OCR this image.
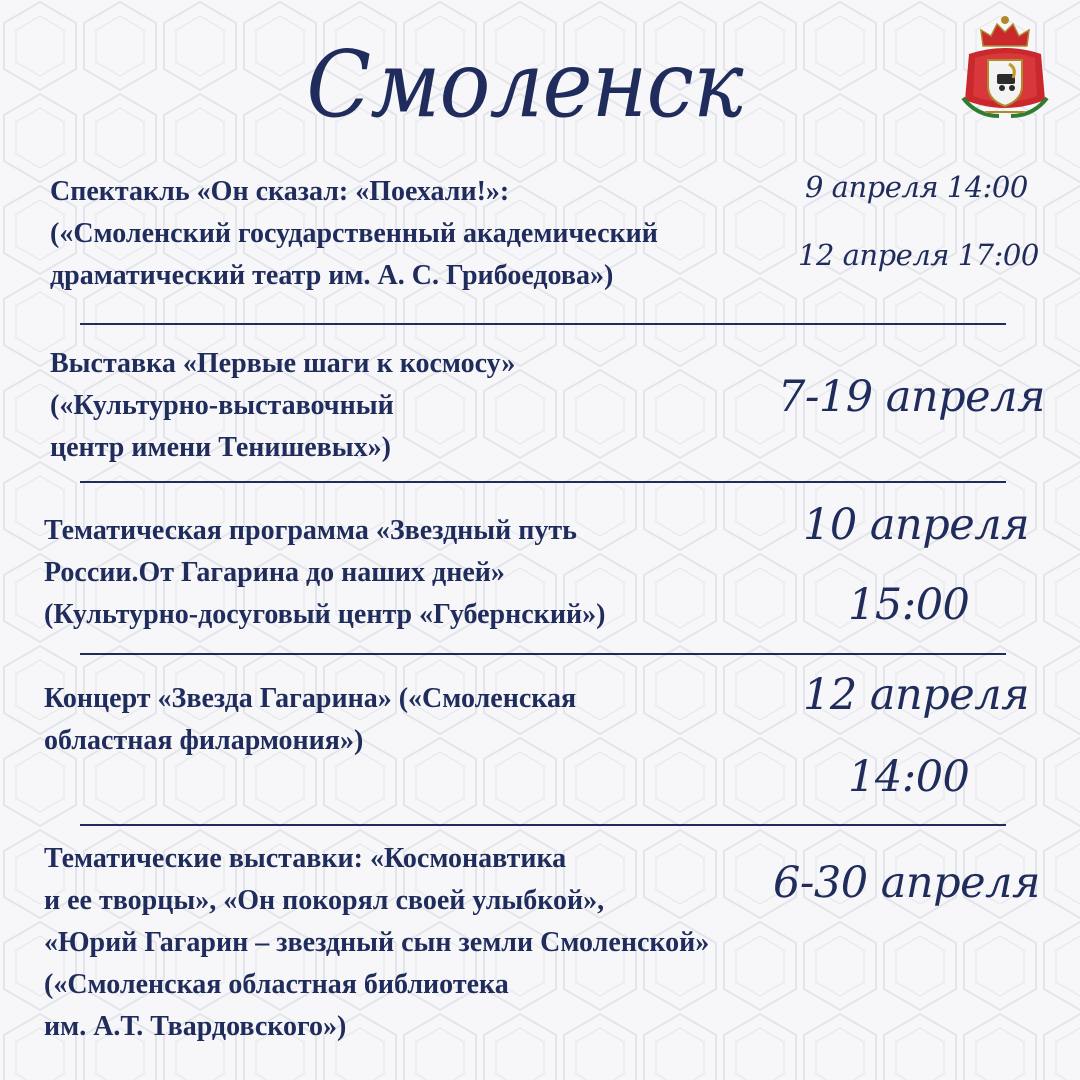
Смоленск
Спектакль «Он сказал: «Поехали!»:
(«Смоленский государственный академический
драматический театр им. А. С. Грибоедова»)
9 апреля 14:00
12 апреля 17:00
Выставка «Первые шаги к космосу»
(«Культурно-выставочный
центр имени Тенишевых»)
7-19 апреля
Тематическая программа «Звездный путь
России.От Гагарина до наших дней»
(Культурно-досуговый центр «Губернский»)
10 апреля
15:00
Концерт «Звезда Гагарина» («Смоленская
областная филармония»)
12 апреля
14:00
Тематические выставки: «Космонавтика
и ее творцы», «Он покорял своей улыбкой»,
«Юрий Гагарин – звездный сын земли Смоленской»
(«Смоленская областная библиотека
им. А.Т. Твардовского»)
6-30 апреля
